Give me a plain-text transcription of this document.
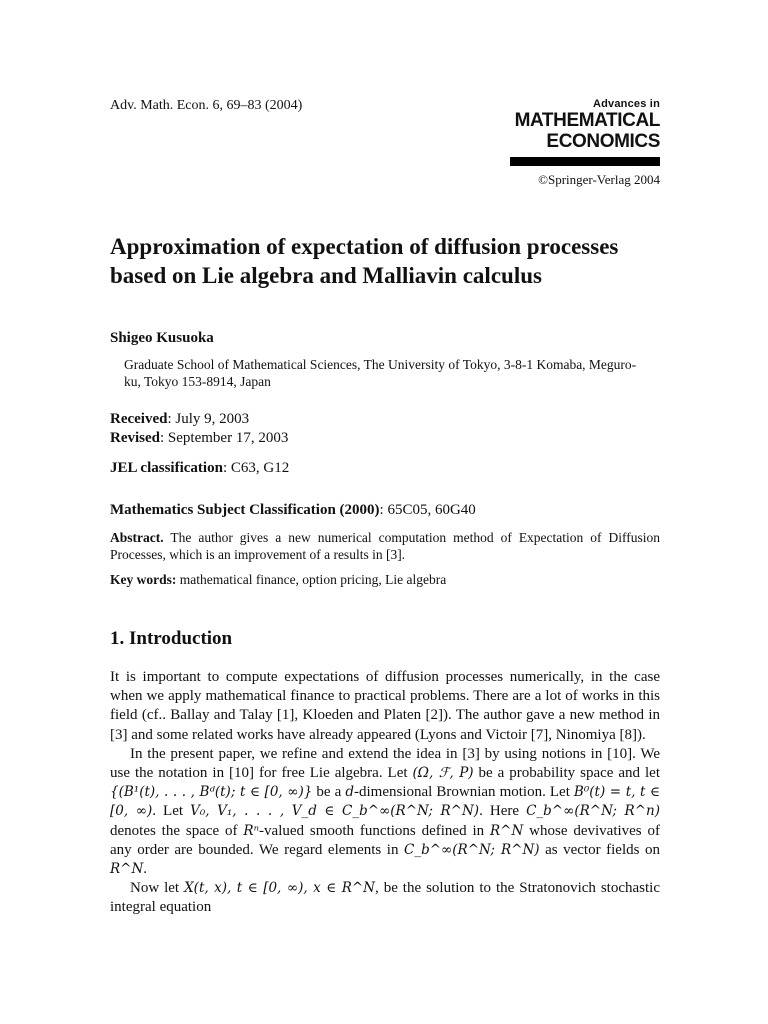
Adv. Math. Econ. 6, 69–83 (2004)	Advances in
MATHEMATICAL
ECONOMICS
©Springer-Verlag 2004
Approximation of expectation of diffusion processes based on Lie algebra and Malliavin calculus
Shigeo Kusuoka
Graduate School of Mathematical Sciences, The University of Tokyo, 3-8-1 Komaba, Meguro-ku, Tokyo 153-8914, Japan
Received: July 9, 2003
Revised: September 17, 2003
JEL classification: C63, G12
Mathematics Subject Classification (2000): 65C05, 60G40
Abstract. The author gives a new numerical computation method of Expectation of Diffusion Processes, which is an improvement of a results in [3].
Key words: mathematical finance, option pricing, Lie algebra
1. Introduction

It is important to compute expectations of diffusion processes numerically, in the case when we apply mathematical finance to practical problems. There are a lot of works in this field (cf.. Ballay and Talay [1], Kloeden and Platen [2]). The author gave a new method in [3] and some related works have already appeared (Lyons and Victoir [7], Ninomiya [8]).

In the present paper, we refine and extend the idea in [3] by using notions in [10]. We use the notation in [10] for free Lie algebra. Let (Ω, ℱ, P) be a probability space and let {(B¹(t), . . . , Bᵈ(t); t ∈ [0, ∞)} be a d-dimensional Brownian motion. Let B⁰(t) = t, t ∈ [0, ∞). Let V₀, V₁, . . . , V_d ∈ C_b^∞(R^N; R^N). Here C_b^∞(R^N; R^n) denotes the space of Rⁿ-valued smooth functions defined in R^N whose devivatives of any order are bounded. We regard elements in C_b^∞(R^N; R^N) as vector fields on R^N.

Now let X(t, x), t ∈ [0, ∞), x ∈ R^N, be the solution to the Stratonovich stochastic integral equation
